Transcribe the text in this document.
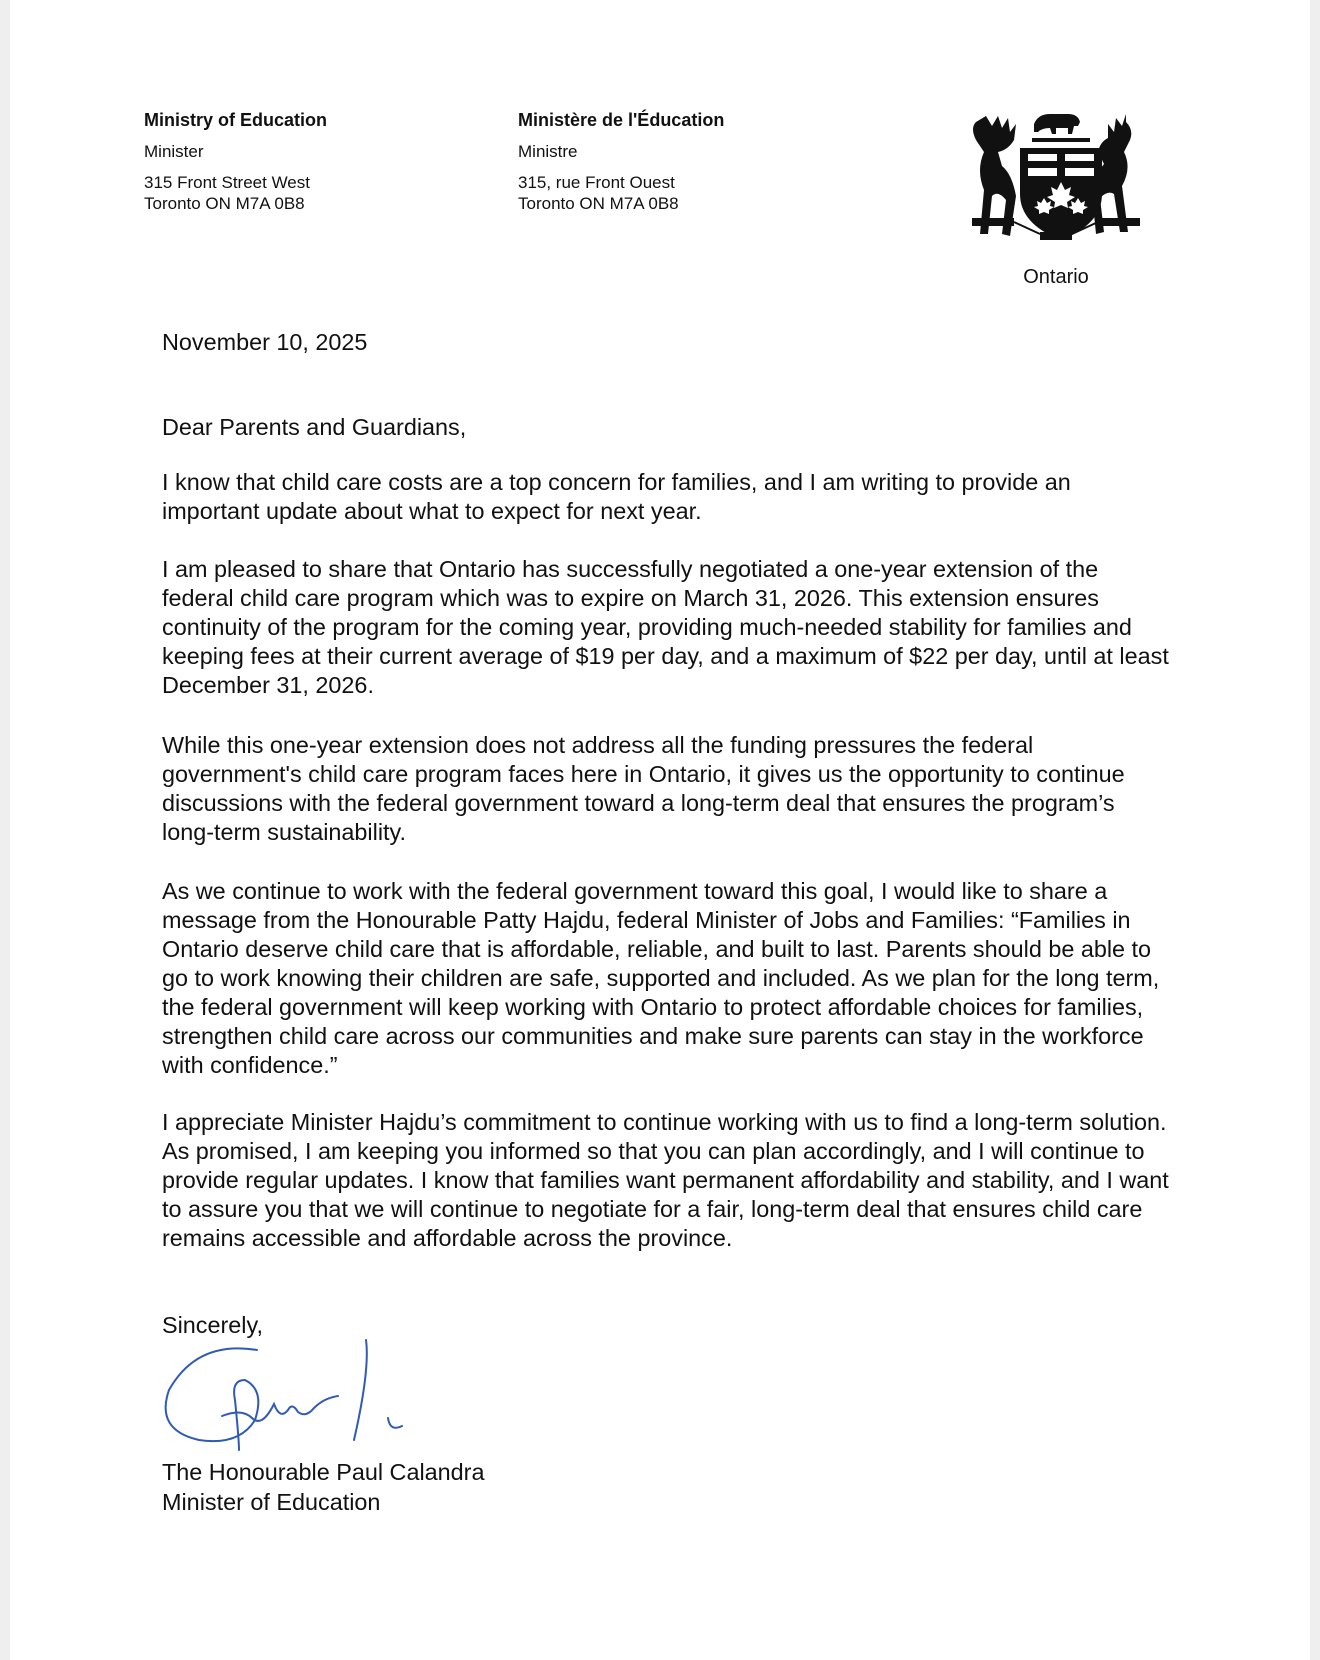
Ministry of Education
Minister
315 Front Street West
Toronto ON M7A 0B8
Ministère de l'Éducation
Ministre
315, rue Front Ouest
Toronto ON M7A 0B8
Ontario
November 10, 2025
Dear Parents and Guardians,

I know that child care costs are a top concern for families, and I am writing to provide an important update about what to expect for next year.

I am pleased to share that Ontario has successfully negotiated a one-year extension of the federal child care program which was to expire on March 31, 2026. This extension ensures continuity of the program for the coming year, providing much-needed stability for families and keeping fees at their current average of $19 per day, and a maximum of $22 per day, until at least December 31, 2026.

While this one-year extension does not address all the funding pressures the federal government's child care program faces here in Ontario, it gives us the opportunity to continue discussions with the federal government toward a long-term deal that ensures the program’s long-term sustainability.

As we continue to work with the federal government toward this goal, I would like to share a message from the Honourable Patty Hajdu, federal Minister of Jobs and Families: “Families in Ontario deserve child care that is affordable, reliable, and built to last. Parents should be able to go to work knowing their children are safe, supported and included. As we plan for the long term, the federal government will keep working with Ontario to protect affordable choices for families, strengthen child care across our communities and make sure parents can stay in the workforce with confidence.”

I appreciate Minister Hajdu’s commitment to continue working with us to find a long-term solution. As promised, I am keeping you informed so that you can plan accordingly, and I will continue to provide regular updates. I know that families want permanent affordability and stability, and I want to assure you that we will continue to negotiate for a fair, long-term deal that ensures child care remains accessible and affordable across the province.

Sincerely,
The Honourable Paul Calandra
Minister of Education
